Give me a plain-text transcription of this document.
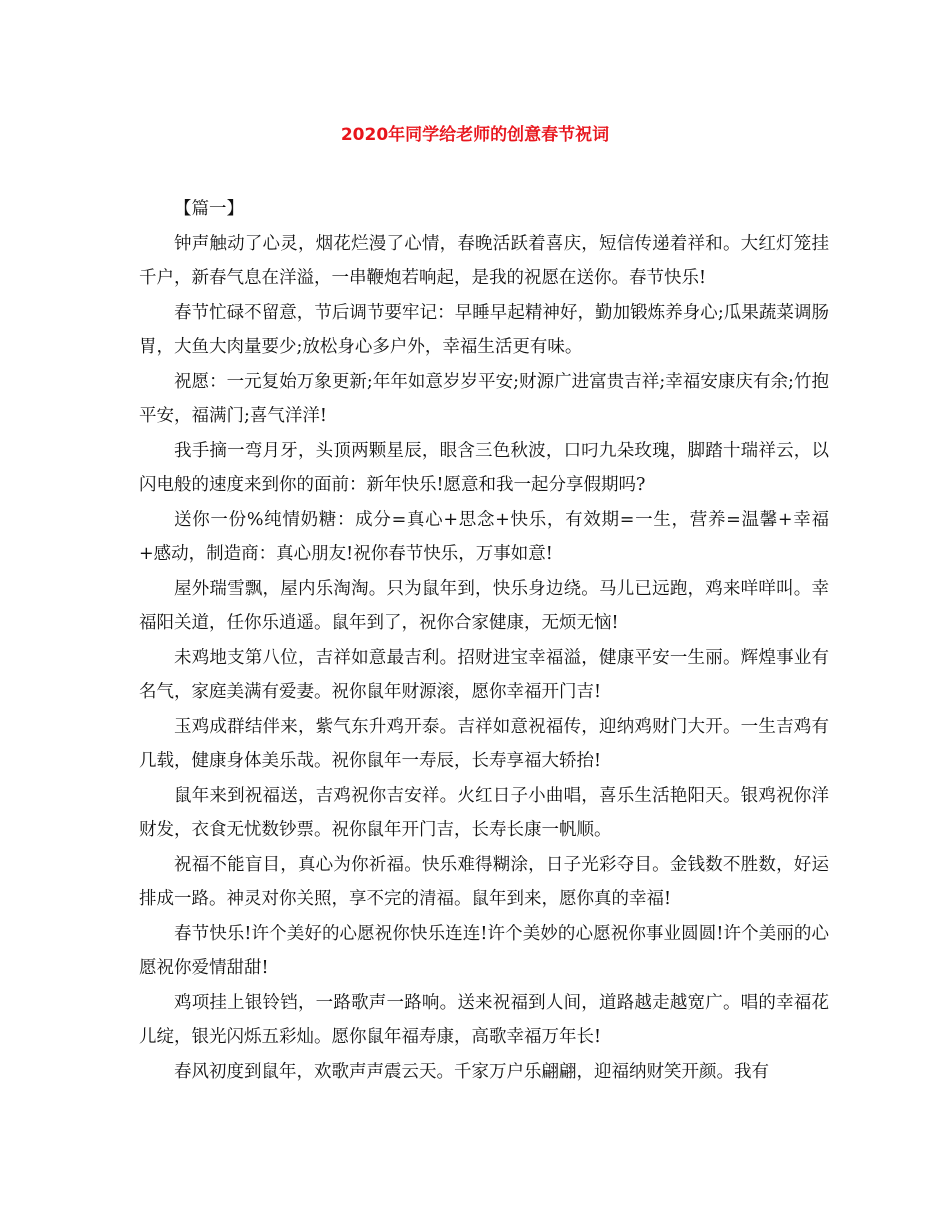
2020年同学给老师的创意春节祝词

【篇一】

钟声触动了心灵，烟花烂漫了心情，春晚活跃着喜庆，短信传递着祥和。大红灯笼挂千户，新春气息在洋溢，一串鞭炮若响起，是我的祝愿在送你。春节快乐!

春节忙碌不留意，节后调节要牢记：早睡早起精神好，勤加锻炼养身心;瓜果蔬菜调肠胃，大鱼大肉量要少;放松身心多户外，幸福生活更有味。

祝愿：一元复始万象更新;年年如意岁岁平安;财源广进富贵吉祥;幸福安康庆有余;竹抱平安，福满门;喜气洋洋!

我手摘一弯月牙，头顶两颗星辰，眼含三色秋波，口叼九朵玫瑰，脚踏十瑞祥云，以闪电般的速度来到你的面前：新年快乐!愿意和我一起分享假期吗?

送你一份%纯情奶糖：成分=真心+思念+快乐，有效期=一生，营养=温馨+幸福+感动，制造商：真心朋友!祝你春节快乐，万事如意!

屋外瑞雪飘，屋内乐淘淘。只为鼠年到，快乐身边绕。马儿已远跑，鸡来咩咩叫。幸福阳关道，任你乐逍遥。鼠年到了，祝你合家健康，无烦无恼!

未鸡地支第八位，吉祥如意最吉利。招财进宝幸福溢，健康平安一生丽。辉煌事业有名气，家庭美满有爱妻。祝你鼠年财源滚，愿你幸福开门吉!

玉鸡成群结伴来，紫气东升鸡开泰。吉祥如意祝福传，迎纳鸡财门大开。一生吉鸡有几载，健康身体美乐哉。祝你鼠年一寿辰，长寿享福大轿抬!

鼠年来到祝福送，吉鸡祝你吉安祥。火红日子小曲唱，喜乐生活艳阳天。银鸡祝你洋财发，衣食无忧数钞票。祝你鼠年开门吉，长寿长康一帆顺。

祝福不能盲目，真心为你祈福。快乐难得糊涂，日子光彩夺目。金钱数不胜数，好运排成一路。神灵对你关照，享不完的清福。鼠年到来，愿你真的幸福!

春节快乐!许个美好的心愿祝你快乐连连!许个美妙的心愿祝你事业圆圆!许个美丽的心愿祝你爱情甜甜!

鸡项挂上银铃铛，一路歌声一路响。送来祝福到人间，道路越走越宽广。唱的幸福花儿绽，银光闪烁五彩灿。愿你鼠年福寿康，高歌幸福万年长!

春风初度到鼠年，欢歌声声震云天。千家万户乐翩翩，迎福纳财笑开颜。我有
